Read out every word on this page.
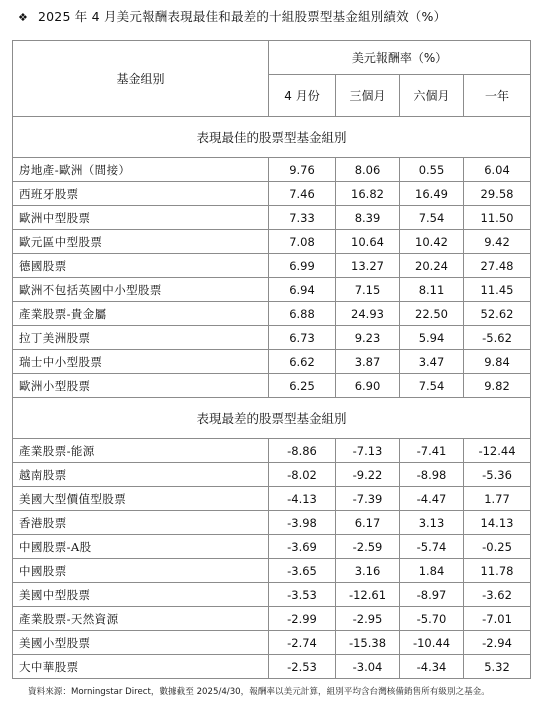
❖ 2025 年 4 月美元報酬表現最佳和最差的十組股票型基金組別績效（%）
基金组别	美元報酬率（%）			
	4 月份	三個月	六個月	一年
表現最佳的股票型基金組別				
房地產-歐洲（間接）	9.76	8.06	0.55	6.04
西班牙股票	7.46	16.82	16.49	29.58
歐洲中型股票	7.33	8.39	7.54	11.50
歐元區中型股票	7.08	10.64	10.42	9.42
德國股票	6.99	13.27	20.24	27.48
歐洲不包括英國中小型股票	6.94	7.15	8.11	11.45
產業股票-貴金屬	6.88	24.93	22.50	52.62
拉丁美洲股票	6.73	9.23	5.94	-5.62
瑞士中小型股票	6.62	3.87	3.47	9.84
歐洲小型股票	6.25	6.90	7.54	9.82
表現最差的股票型基金組別				
產業股票-能源	-8.86	-7.13	-7.41	-12.44
越南股票	-8.02	-9.22	-8.98	-5.36
美國大型價值型股票	-4.13	-7.39	-4.47	1.77
香港股票	-3.98	6.17	3.13	14.13
中國股票-A股	-3.69	-2.59	-5.74	-0.25
中國股票	-3.65	3.16	1.84	11.78
美國中型股票	-3.53	-12.61	-8.97	-3.62
產業股票-天然資源	-2.99	-2.95	-5.70	-7.01
美國小型股票	-2.74	-15.38	-10.44	-2.94
大中華股票	-2.53	-3.04	-4.34	5.32
資料來源：Morningstar Direct，數據截至 2025/4/30，報酬率以美元計算，組別平均含台灣核備銷售所有級別之基金。
